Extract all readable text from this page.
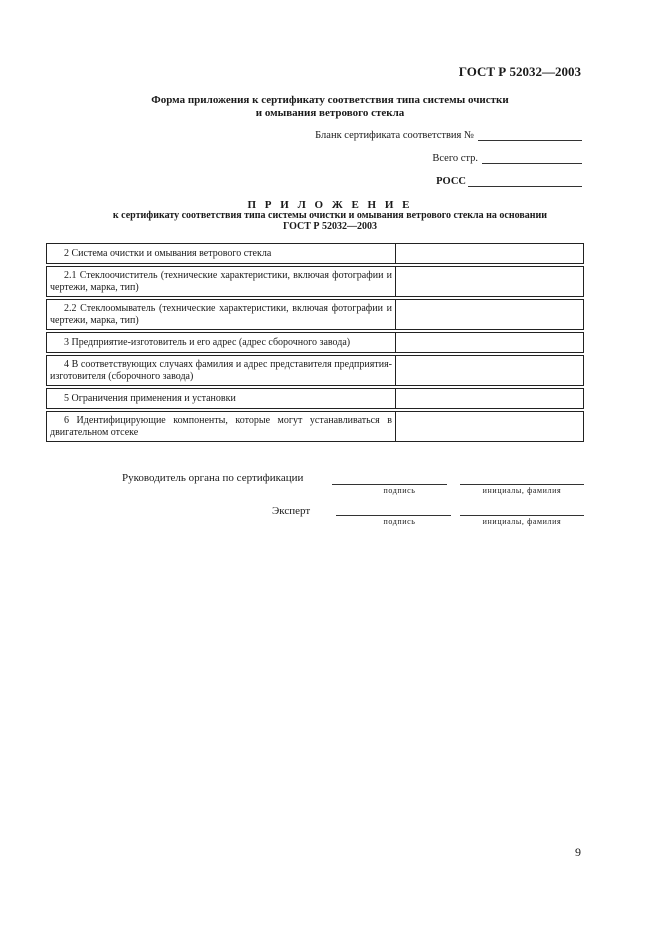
ГОСТ Р 52032—2003
Форма приложения к сертификату соответствия типа системы очистки
и омывания ветрового стекла
Бланк сертификата соответствия №
Всего стр.
РОСС
П Р И Л О Ж Е Н И Е
к сертификату соответствия типа системы очистки и омывания ветрового стекла на основании
ГОСТ Р 52032—2003
2 Система очистки и омывания ветрового стекла	

2.1 Стеклоочиститель (технические характеристики, включая фотографии и чертежи, марка, тип)	

2.2 Стеклоомыватель (технические характеристики, включая фотографии и чертежи, марка, тип)	

3 Предприятие-изготовитель и его адрес (адрес сборочного завода)	

4 В соответствующих случаях фамилия и адрес представителя предприятия-изготовителя (сборочного завода)	

5 Ограничения применения и установки	

6 Идентифицирующие компоненты, которые могут устанавливаться в двигательном отсеке	

Руководитель органа по сертификации
подпись	инициалы, фамилия
Эксперт
подпись	инициалы, фамилия
9
